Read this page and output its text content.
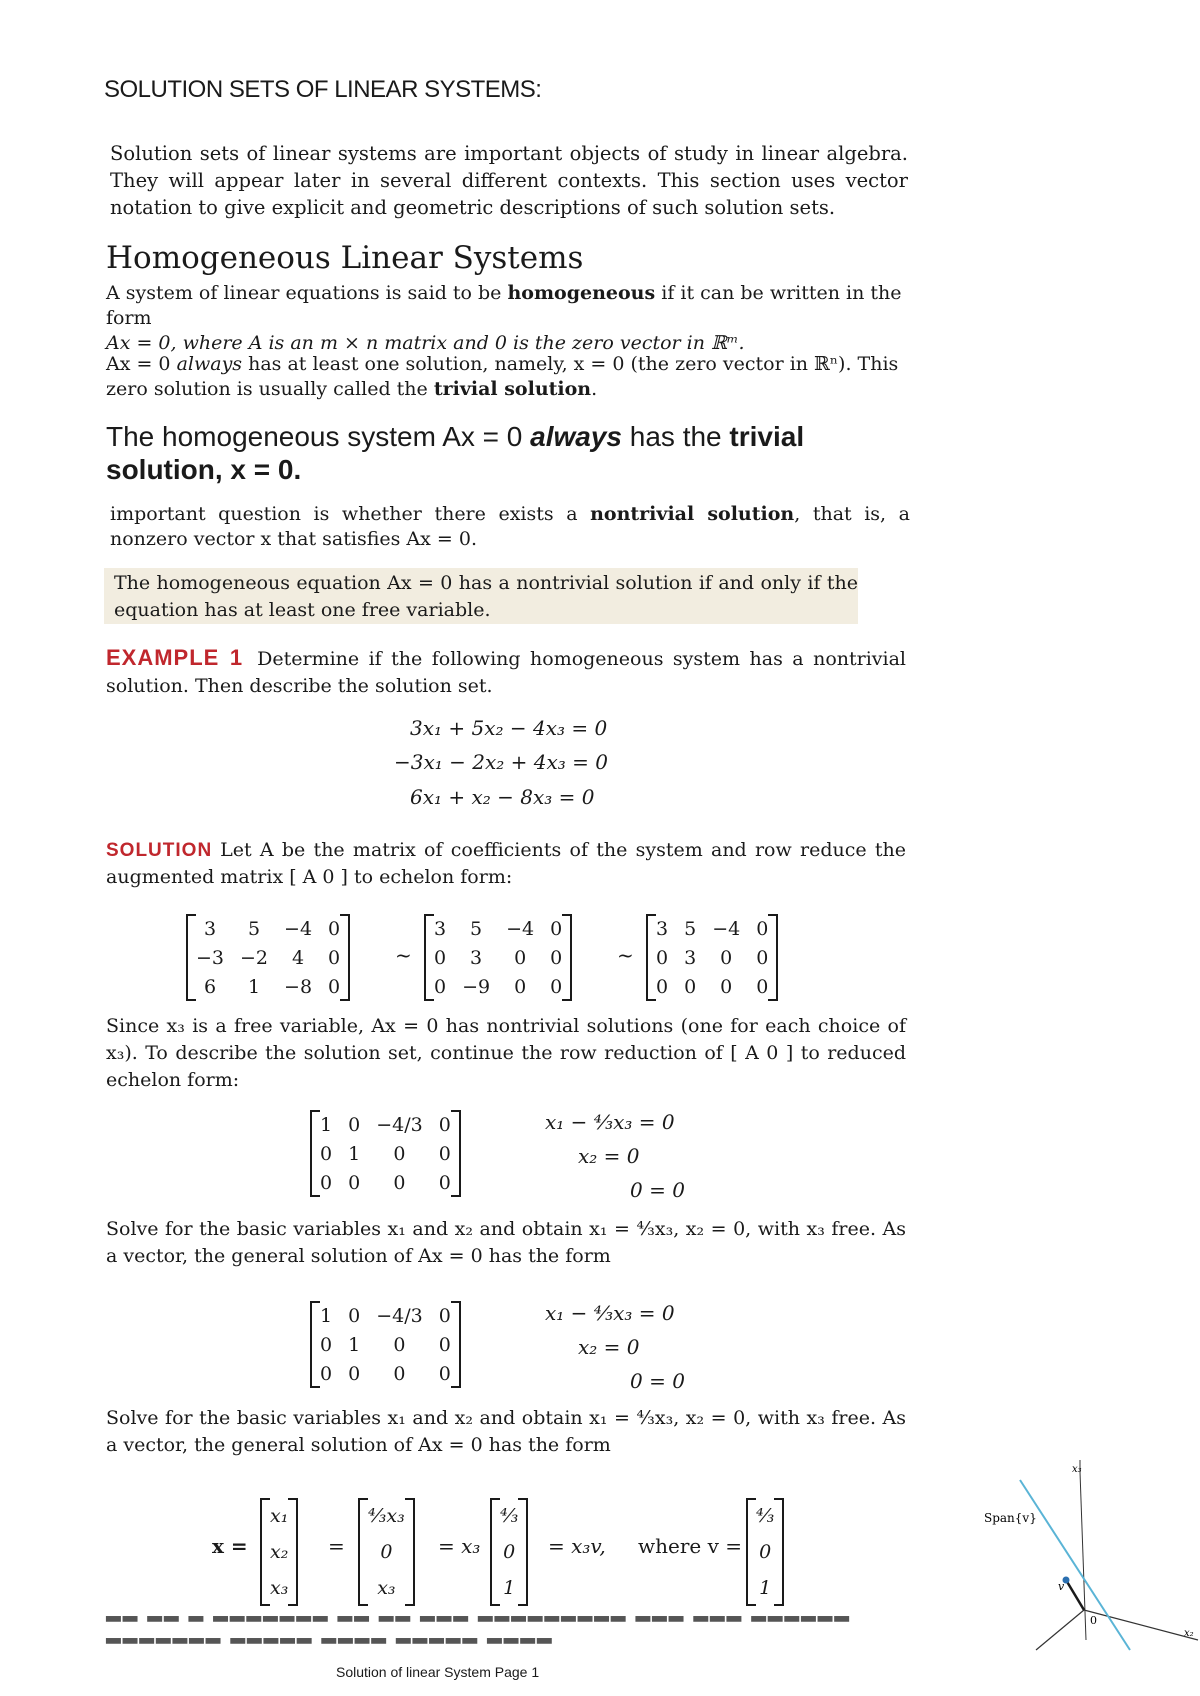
SOLUTION SETS OF LINEAR SYSTEMS:
Solution sets of linear systems are important objects of study in linear algebra. They will appear later in several different contexts. This section uses vector notation to give explicit and geometric descriptions of such solution sets.
Homogeneous Linear Systems
A system of linear equations is said to be homogeneous if it can be written in the form
Ax = 0, where A is an m × n matrix and 0 is the zero vector in ℝᵐ.
Ax = 0 always has at least one solution, namely, x = 0 (the zero vector in ℝⁿ). This zero solution is usually called the trivial solution.
The homogeneous system Ax = 0 always has the trivial solution, x = 0.
important question is whether there exists a nontrivial solution, that is, a nonzero vector x that satisfies Ax = 0.
The homogeneous equation Ax = 0 has a nontrivial solution if and only if the equation has at least one free variable.
EXAMPLE 1 Determine if the following homogeneous system has a nontrivial solution. Then describe the solution set.
3x₁ + 5x₂ − 4x₃ = 0
−3x₁ − 2x₂ + 4x₃ = 0
6x₁ + x₂ − 8x₃ = 0
SOLUTION Let A be the matrix of coefficients of the system and row reduce the augmented matrix [ A 0 ] to echelon form:
3	5	−4	0
−3	−2	4	0
6	1	−8	0
~
3	5	−4	0
0	3	0	0
0	−9	0	0
~
3	5	−4	0
0	3	0	0
0	0	0	0
Since x₃ is a free variable, Ax = 0 has nontrivial solutions (one for each choice of x₃). To describe the solution set, continue the row reduction of [ A 0 ] to reduced echelon form:
1	0	−4/3	0
0	1	0	0
0	0	0	0
x₁ − ⁴⁄₃x₃ = 0
x₂ = 0
0 = 0
Solve for the basic variables x₁ and x₂ and obtain x₁ = ⁴⁄₃x₃, x₂ = 0, with x₃ free. As a vector, the general solution of Ax = 0 has the form
1	0	−4/3	0
0	1	0	0
0	0	0	0
x₁ − ⁴⁄₃x₃ = 0
x₂ = 0
0 = 0
Solve for the basic variables x₁ and x₂ and obtain x₁ = ⁴⁄₃x₃, x₂ = 0, with x₃ free. As a vector, the general solution of Ax = 0 has the form
x =
x₁
x₂
x₃
=
⁴⁄₃x₃
0
x₃
= x₃
⁴⁄₃
0
1
= x₃v, where v =
⁴⁄₃
0
1
▂▂ ▂▂ ▂ ▂▂▂▂▂▂▂ ▂▂ ▂▂ ▂▂▂ ▂▂▂▂▂▂▂▂▂ ▂▂▂ ▂▂▂ ▂▂▂▂▂▂ ▂▂▂▂▂▂▂ ▂▂▂▂▂ ▂▂▂▂ ▂▂▂▂▂ ▂▂▂▂
Span{v}
v
0
x₃
x₂
Solution of linear System Page 1
